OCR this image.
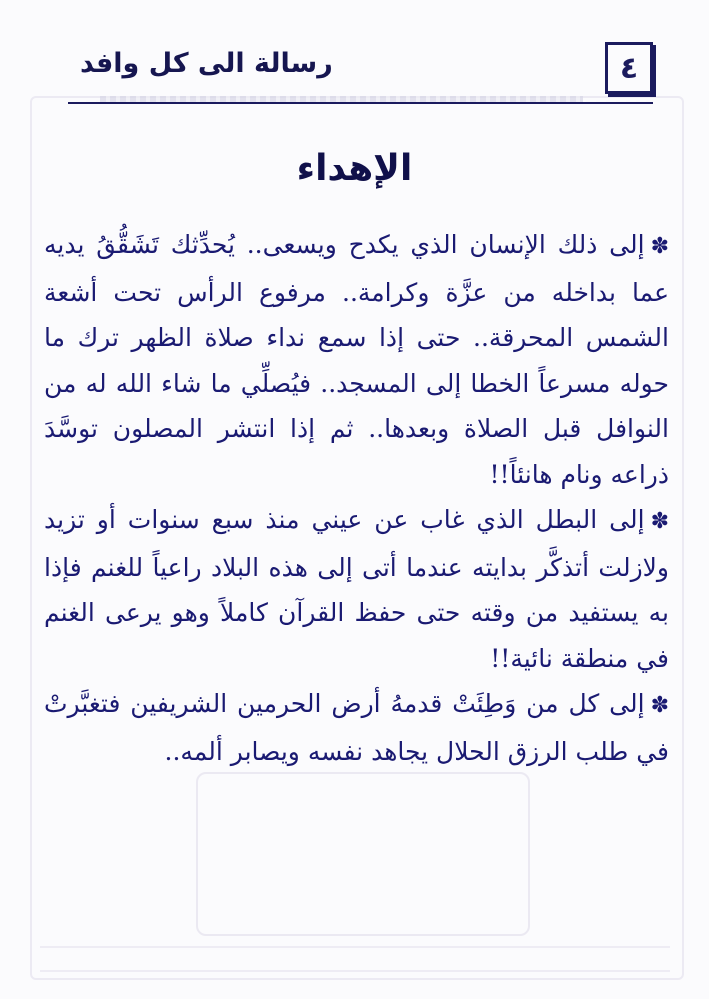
٤
رسالة الى كل وافد
الإهداء

✽إلى ذلك الإنسان الذي يكدح ويسعى.. يُحدِّثك تَشَقُّقُ يديه عما بداخله من عزَّة وكرامة.. مرفوع الرأس تحت أشعة الشمس المحرقة.. حتى إذا سمع نداء صلاة الظهر ترك ما حوله مسرعاً الخطا إلى المسجد.. فيُصلِّي ما شاء الله له من النوافل قبل الصلاة وبعدها.. ثم إذا انتشر المصلون توسَّدَ ذراعه ونام هانئاً!!

✽إلى البطل الذي غاب عن عيني منذ سبع سنوات أو تزيد ولازلت أتذكَّر بدايته عندما أتى إلى هذه البلاد راعياً للغنم فإذا به يستفيد من وقته حتى حفظ القرآن كاملاً وهو يرعى الغنم في منطقة نائية!!

✽إلى كل من وَطِئَتْ قدمهُ أرض الحرمين الشريفين فتغبَّرتْ في طلب الرزق الحلال يجاهد نفسه ويصابر ألمه..
